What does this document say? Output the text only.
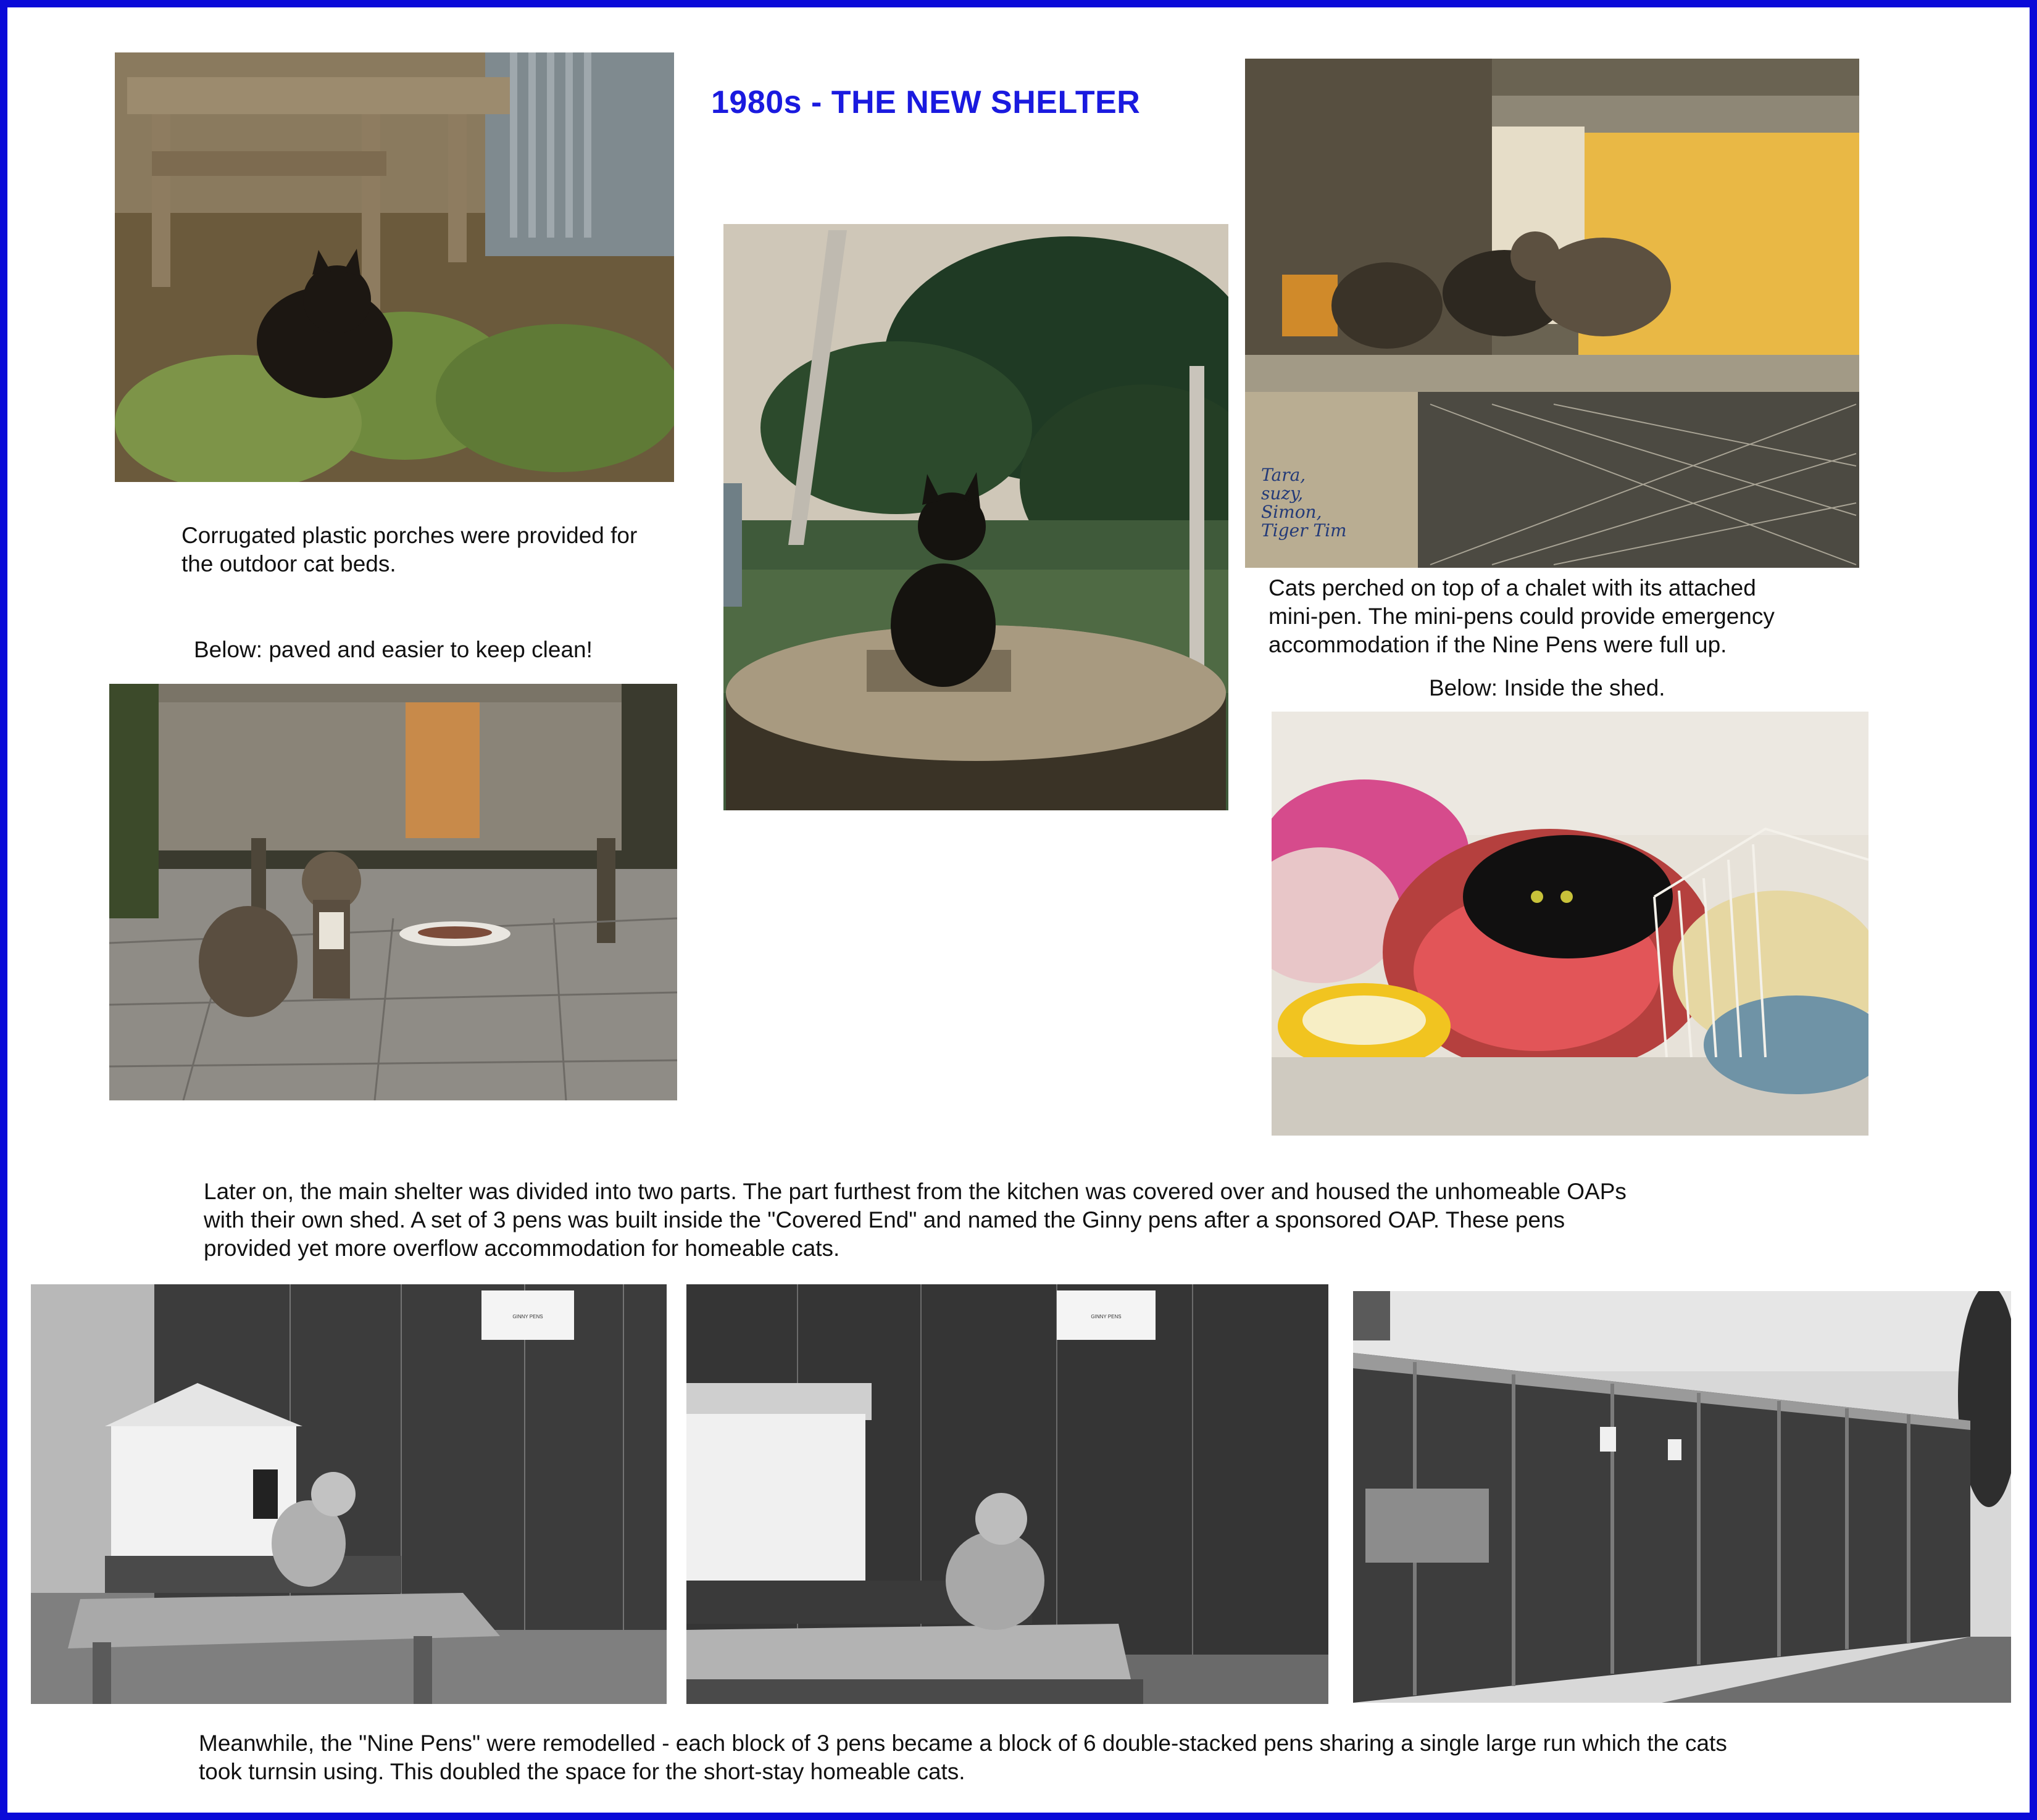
1980s - THE NEW SHELTER

Corrugated plastic porches were provided for

the outdoor cat beds.

Below: paved and easier to keep clean!
Tara,
suzy,
Simon,
Tiger Tim

Cats perched on top of a chalet with its attached

mini-pen. The mini-pens could provide emergency

accommodation if the Nine Pens were full up.

Below: Inside the shed.

Later on, the main shelter was divided into two parts. The part furthest from the kitchen was covered over and housed the unhomeable OAPs

with their own shed. A set of 3 pens was built inside the "Covered End" and named the Ginny pens after a sponsored OAP. These pens

provided yet more overflow accommodation for homeable cats.

GINNY PENS	GINNY PENS

Meanwhile, the "Nine Pens" were remodelled - each block of 3 pens became a block of 6 double-stacked pens sharing a single large run which the cats

took turnsin using. This doubled the space for the short-stay homeable cats.
